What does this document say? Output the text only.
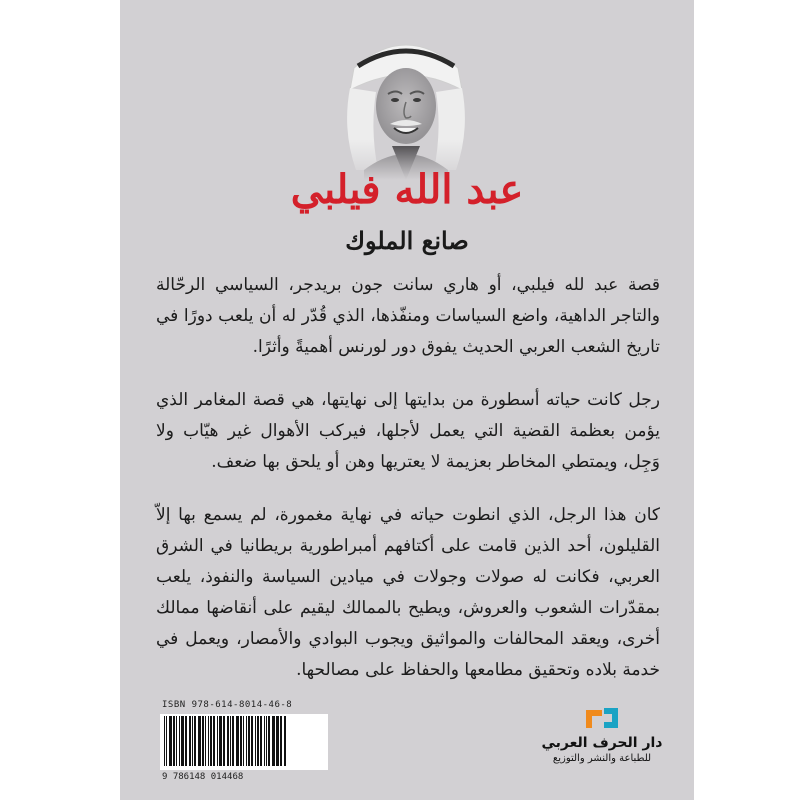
عبد الله فيلبي
صانع الملوك

قصة عبد لله فيلبي، أو هاري سانت جون بريدجر، السياسي الرحّالة والتاجر الداهية، واضع السياسات ومنفّذها، الذي قُدّر له أن يلعب دورًا في تاريخ الشعب العربي الحديث يفوق دور لورنس أهميةً وأثرًا.

رجل كانت حياته أسطورة من بدايتها إلى نهايتها، هي قصة المغامر الذي يؤمن بعظمة القضية التي يعمل لأجلها، فيركب الأهوال غير هيّاب ولا وَجِل، ويمتطي المخاطر بعزيمة لا يعتريها وهن أو يلحق بها ضعف.

كان هذا الرجل، الذي انطوت حياته في نهاية مغمورة، لم يسمع بها إلاّ القليلون، أحد الذين قامت على أكتافهم أمبراطورية بريطانيا في الشرق العربي، فكانت له صولات وجولات في ميادين السياسة والنفوذ، يلعب بمقدّرات الشعوب والعروش، ويطيح بالممالك ليقيم على أنقاضها ممالك أخرى، ويعقد المحالفات والمواثيق ويجوب البوادي والأمصار، ويعمل في خدمة بلاده وتحقيق مطامعها والحفاظ على مصالحها.

ISBN 978-614-8014-46-8
9 786148 014468
دار الحرف العربي
للطباعة والنشر والتوزيع
